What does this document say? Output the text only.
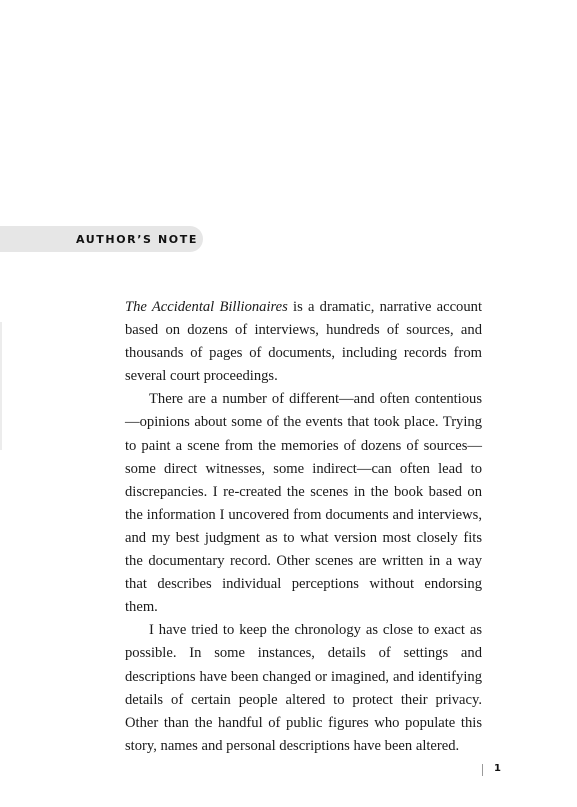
AUTHOR’S NOTE

The Accidental Billionaires is a dramatic, narrative account based on dozens of interviews, hundreds of sources, and thousands of pages of documents, including records from several court proceedings.

There are a number of different—and often contentious—opinions about some of the events that took place. Trying to paint a scene from the memories of dozens of sources—some direct witnesses, some indirect—can often lead to discrepancies. I re-created the scenes in the book based on the information I uncovered from documents and interviews, and my best judgment as to what version most closely fits the documentary record. Other scenes are written in a way that describes individual perceptions without endorsing them.

I have tried to keep the chronology as close to exact as possible. In some instances, details of settings and descriptions have been changed or imagined, and identifying details of certain people altered to protect their privacy. Other than the handful of public figures who populate this story, names and personal descriptions have been altered.

1
